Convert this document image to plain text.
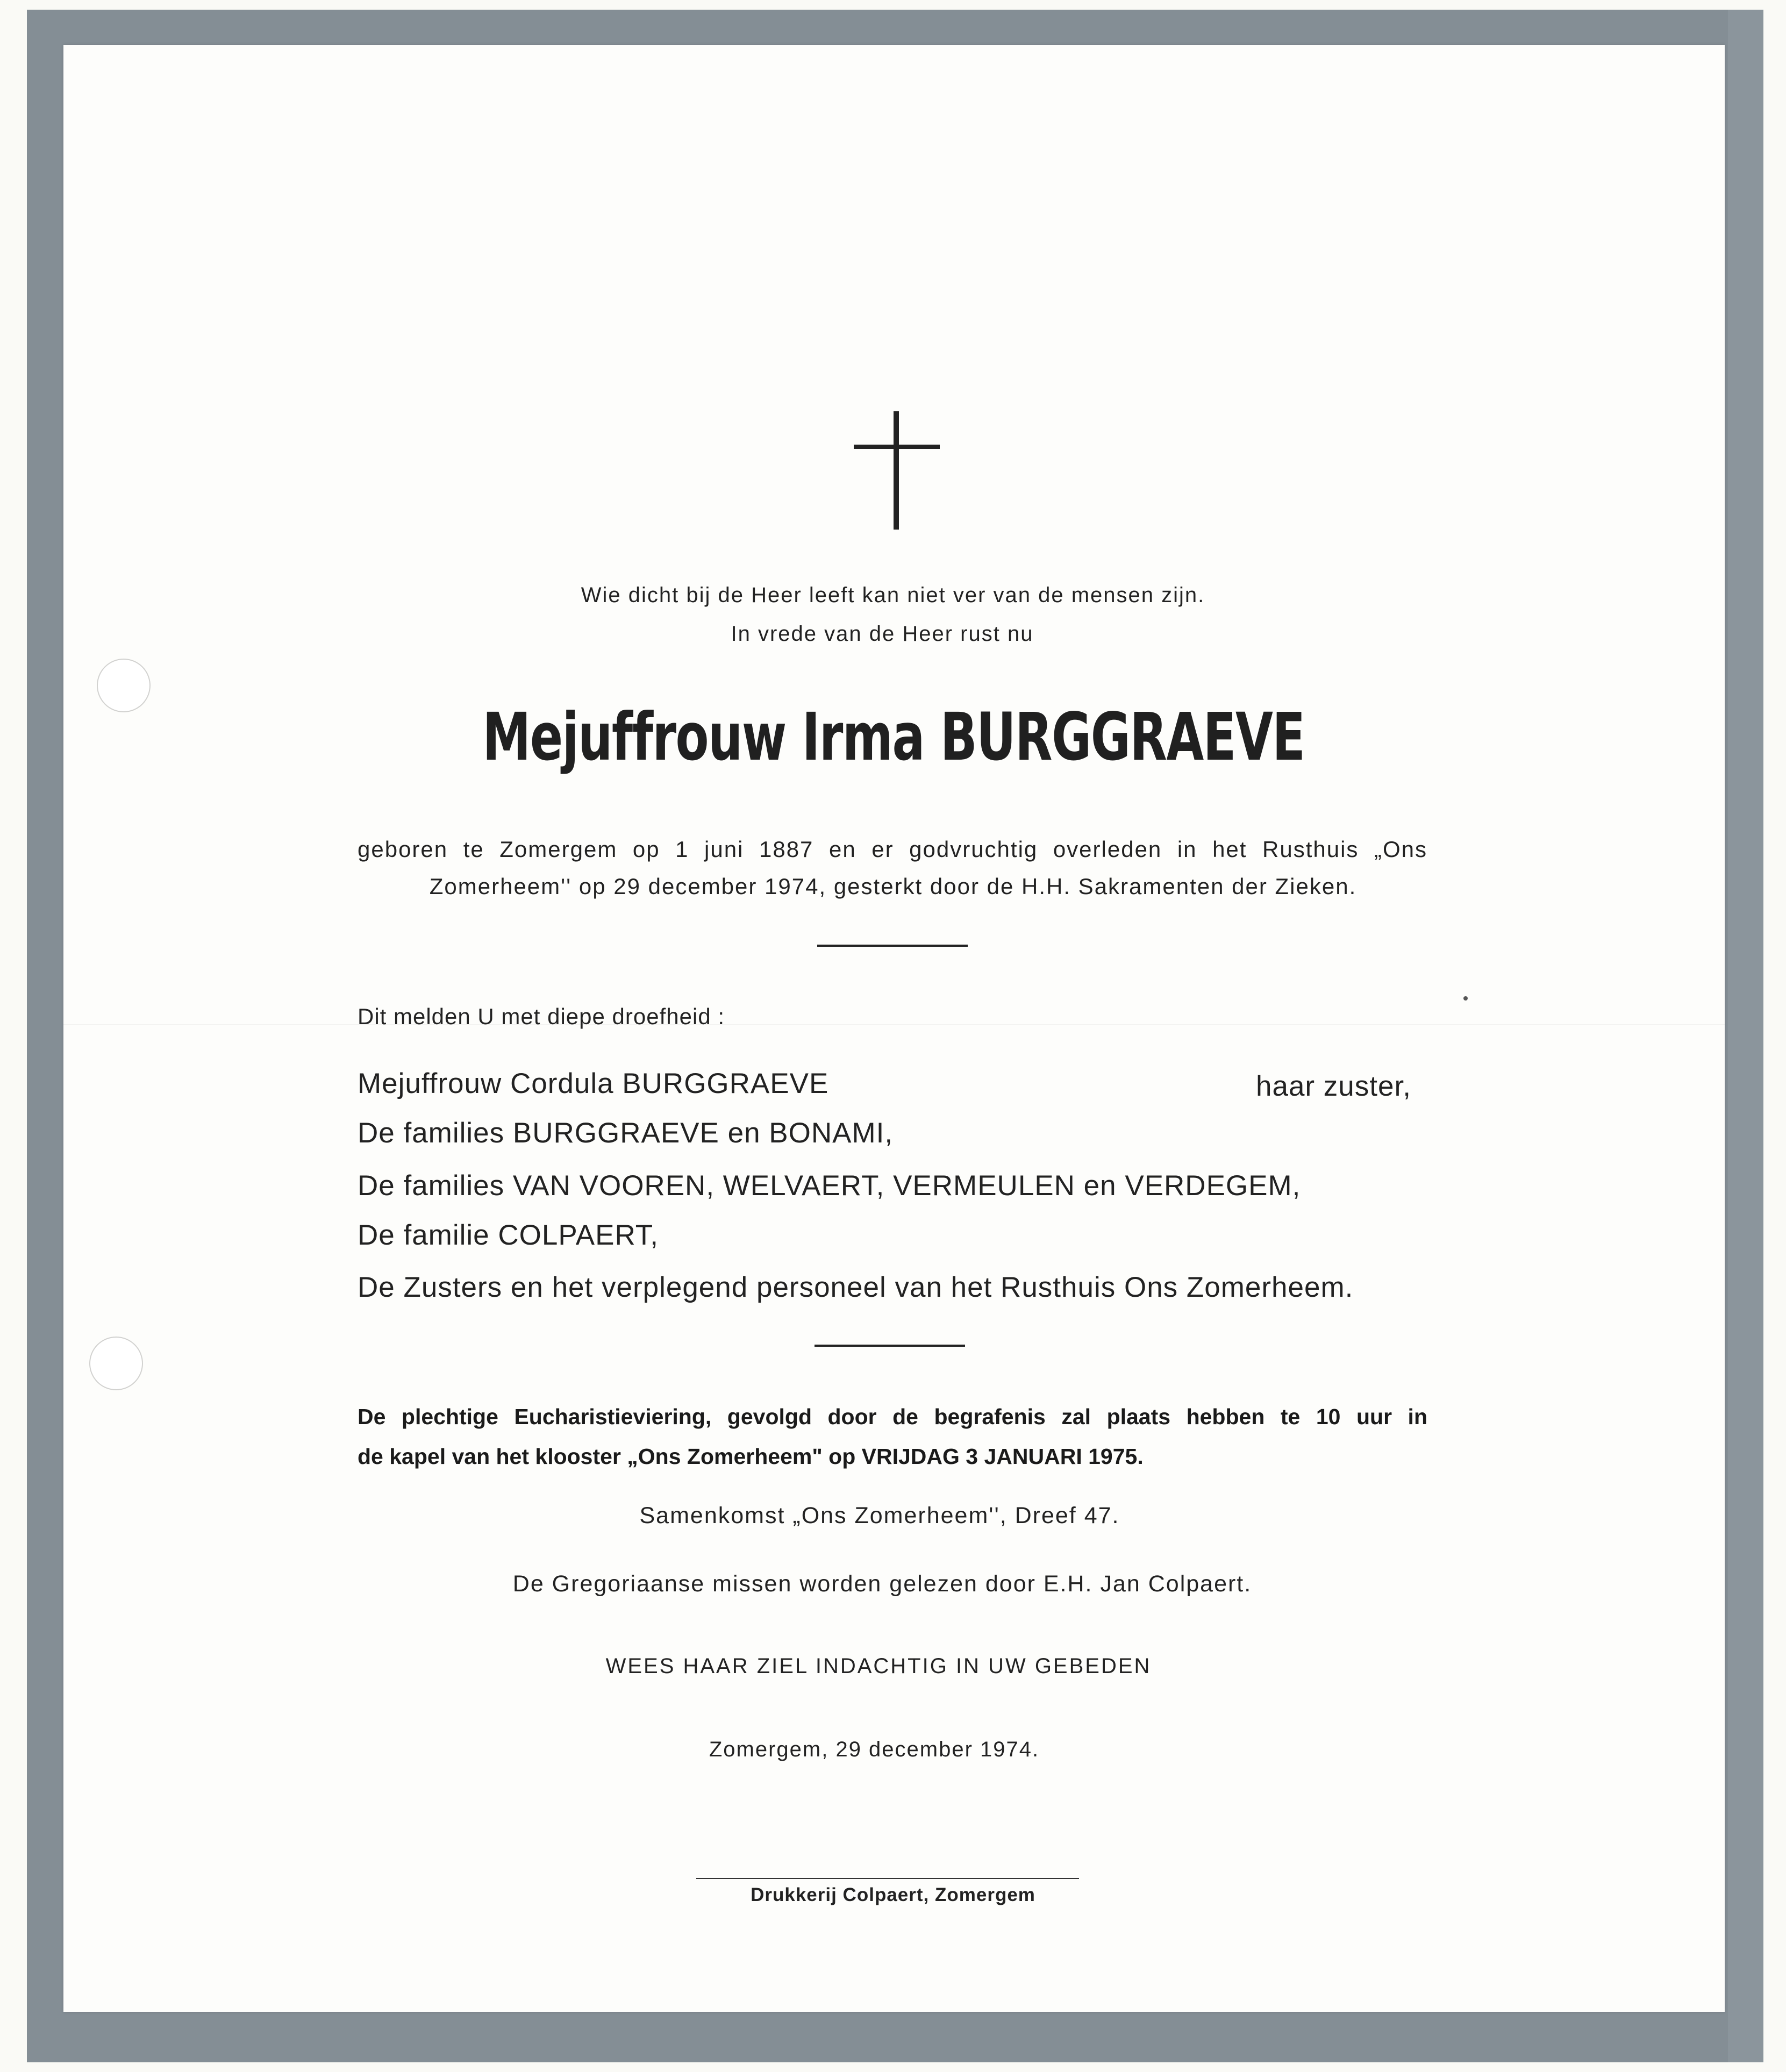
Wie dicht bij de Heer leeft kan niet ver van de mensen zijn.
In vrede van de Heer rust nu
Mejuffrouw Irma BURGGRAEVE
geboren te Zomergem op 1 juni 1887 en er godvruchtig overleden in het Rusthuis „Ons
Zomerheem'' op 29 december 1974, gesterkt door de H.H. Sakramenten der Zieken.
Dit melden U met diepe droefheid :
Mejuffrouw Cordula BURGGRAEVE	haar zuster,
De families BURGGRAEVE en BONAMI,
De families VAN VOOREN, WELVAERT, VERMEULEN en VERDEGEM,
De familie COLPAERT,
De Zusters en het verplegend personeel van het Rusthuis Ons Zomerheem.
De plechtige Eucharistieviering, gevolgd door de begrafenis zal plaats hebben te 10 uur in
de kapel van het klooster „Ons Zomerheem" op VRIJDAG 3 JANUARI 1975.
Samenkomst „Ons Zomerheem'', Dreef 47.
De Gregoriaanse missen worden gelezen door E.H. Jan Colpaert.
WEES HAAR ZIEL INDACHTIG IN UW GEBEDEN
Zomergem, 29 december 1974.
Drukkerij Colpaert, Zomergem
